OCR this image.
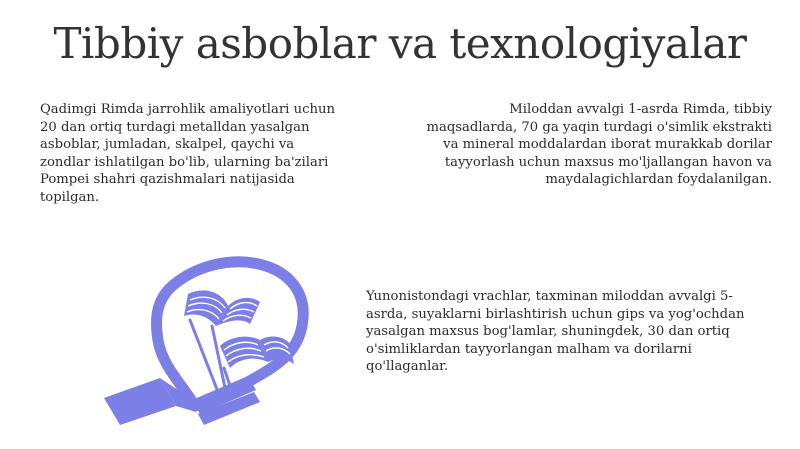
Tibbiy asboblar va texnologiyalar

Qadimgi Rimda jarrohlik amaliyotlari uchun 20 dan ortiq turdagi metalldan yasalgan asboblar, jumladan, skalpel, qaychi va zondlar ishlatilgan bo'lib, ularning ba'zilari Pompei shahri qazishmalari natijasida topilgan.

Miloddan avvalgi 1-asrda Rimda, tibbiy maqsadlarda, 70 ga yaqin turdagi o'simlik ekstrakti va mineral moddalardan iborat murakkab dorilar tayyorlash uchun maxsus mo'ljallangan havon va maydalagichlardan foydalanilgan.

Yunonistondagi vrachlar, taxminan miloddan avvalgi 5-asrda, suyaklarni birlashtirish uchun gips va yog'ochdan yasalgan maxsus bog'lamlar, shuningdek, 30 dan ortiq o'simliklardan tayyorlangan malham va dorilarni qo'llaganlar.
